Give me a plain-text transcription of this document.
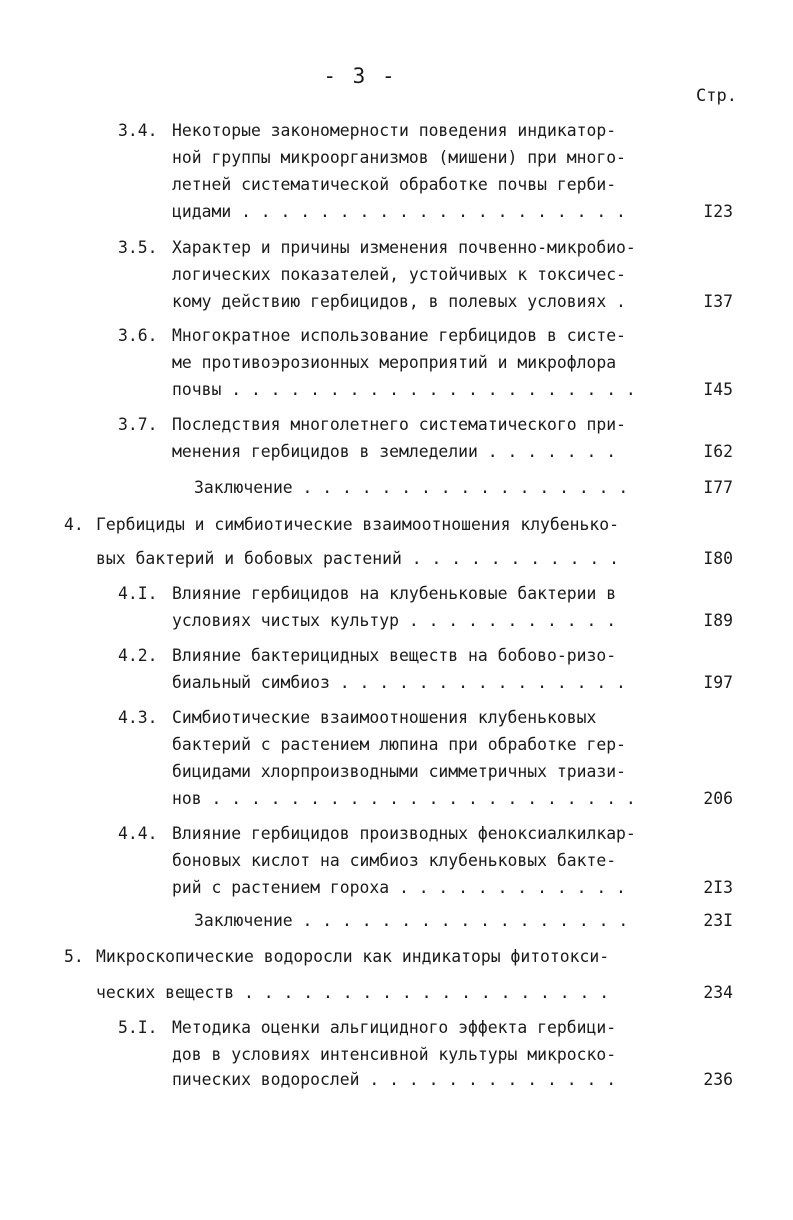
- 3 -
Стр.
3.4. Некоторые закономерности поведения индикатор-
ной группы микроорганизмов (мишени) при много-
летней систематической обработке почвы герби-
цидами . . . . . . . . . . . . . . . . . . . .	I23
3.5. Характер и причины изменения почвенно-микробио-
логических показателей, устойчивых к токсичес-
кому действию гербицидов, в полевых условиях .	I37
3.6. Многократное использование гербицидов в систе-
ме противоэрозионных мероприятий и микрофлора
почвы . . . . . . . . . . . . . . . . . . . . .	I45
3.7. Последствия многолетнего систематического при-
менения гербицидов в земледелии . . . . . . .	I62
Заключение . . . . . . . . . . . . . . . . .	I77
4. Гербициды и симбиотические взаимоотношения клубенько-
вых бактерий и бобовых растений . . . . . . . . . . .	I80
4.I. Влияние гербицидов на клубеньковые бактерии в
условиях чистых культур . . . . . . . . . . .	I89
4.2. Влияние бактерицидных веществ на бобово-ризо-
биальный симбиоз . . . . . . . . . . . . . . .	I97
4.3. Симбиотические взаимоотношения клубеньковых
бактерий с растением люпина при обработке гер-
бицидами хлорпроизводными симметричных триази-
нов . . . . . . . . . . . . . . . . . . . . . .	206
4.4. Влияние гербицидов производных феноксиалкилкар-
боновых кислот на симбиоз клубеньковых бакте-
рий с растением гороха . . . . . . . . . . . .	2I3
Заключение . . . . . . . . . . . . . . . . .	23I
5. Микроскопические водоросли как индикаторы фитотокси-
ческих веществ . . . . . . . . . . . . . . . . . . .	234
5.I. Методика оценки альгицидного эффекта гербици-
дов в условиях интенсивной культуры микроско-
пических водорослей . . . . . . . . . . . . .	236
